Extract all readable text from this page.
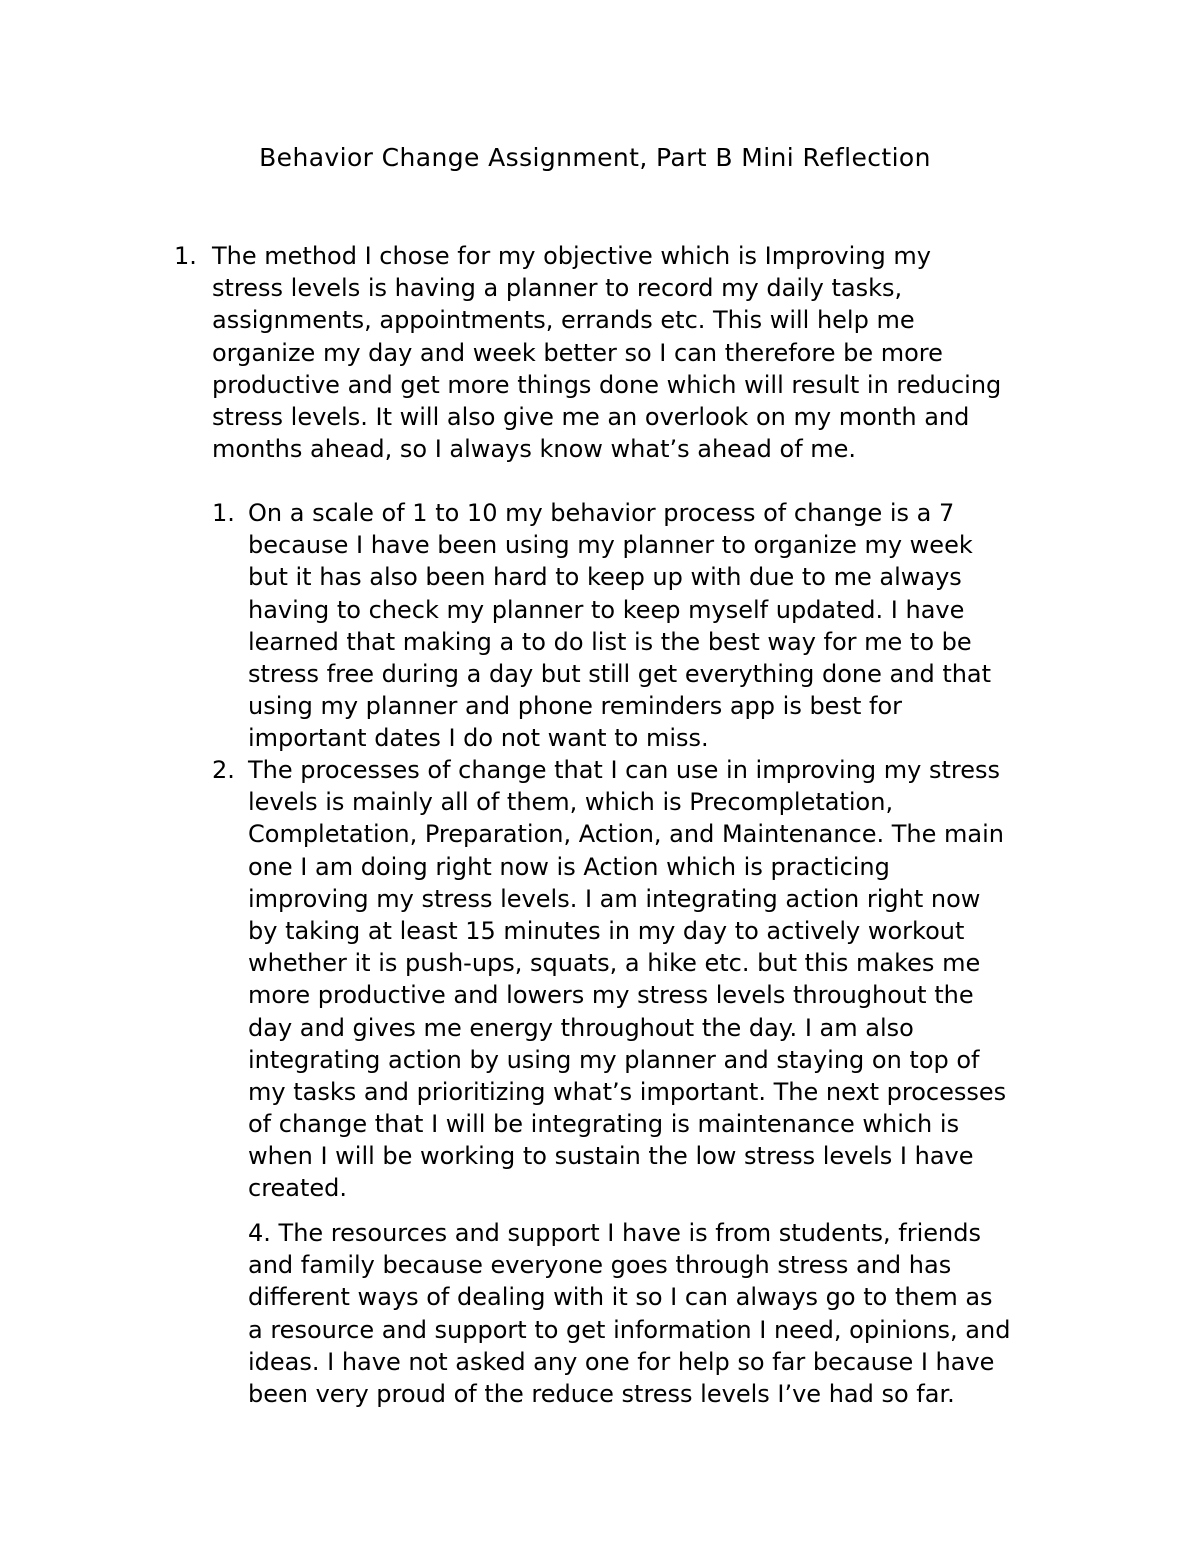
Behavior Change Assignment, Part B Mini Reflection
1. The method I chose for my objective which is Improving my
stress levels is having a planner to record my daily tasks,
assignments, appointments, errands etc. This will help me
organize my day and week better so I can therefore be more
productive and get more things done which will result in reducing
stress levels. It will also give me an overlook on my month and
months ahead, so I always know what’s ahead of me.
1. On a scale of 1 to 10 my behavior process of change is a 7
because I have been using my planner to organize my week
but it has also been hard to keep up with due to me always
having to check my planner to keep myself updated. I have
learned that making a to do list is the best way for me to be
stress free during a day but still get everything done and that
using my planner and phone reminders app is best for
important dates I do not want to miss.
2. The processes of change that I can use in improving my stress
levels is mainly all of them, which is Precompletation,
Completation, Preparation, Action, and Maintenance. The main
one I am doing right now is Action which is practicing
improving my stress levels. I am integrating action right now
by taking at least 15 minutes in my day to actively workout
whether it is push-ups, squats, a hike etc. but this makes me
more productive and lowers my stress levels throughout the
day and gives me energy throughout the day. I am also
integrating action by using my planner and staying on top of
my tasks and prioritizing what’s important. The next processes
of change that I will be integrating is maintenance which is
when I will be working to sustain the low stress levels I have
created.
4. The resources and support I have is from students, friends
and family because everyone goes through stress and has
different ways of dealing with it so I can always go to them as
a resource and support to get information I need, opinions, and
ideas. I have not asked any one for help so far because I have
been very proud of the reduce stress levels I’ve had so far.
